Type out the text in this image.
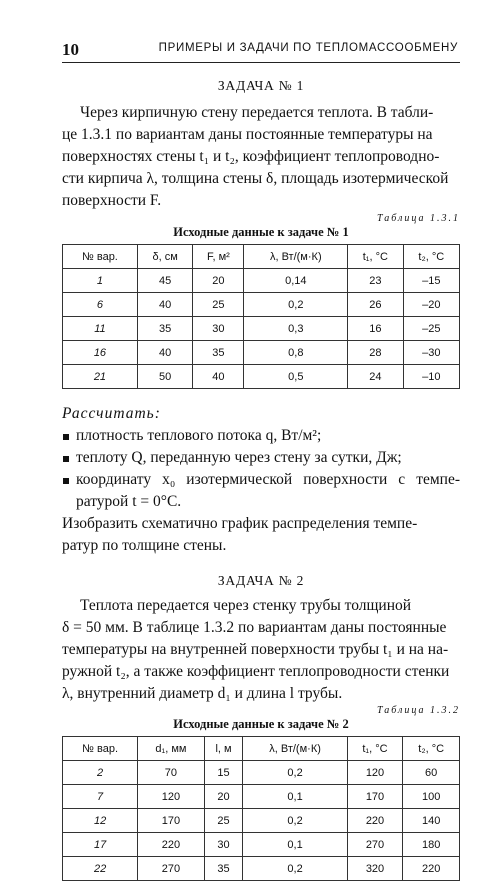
10	ПРИМЕРЫ И ЗАДАЧИ ПО ТЕПЛОМАССООБМЕНУ
ЗАДАЧА № 1

Через кирпичную стену передается теплота. В табли-

це 1.3.1 по вариантам даны постоянные температуры на

поверхностях стены t₁ и t₂, коэффициент теплопроводно-

сти кирпича λ, толщина стены δ, площадь изотермической

поверхности F.

Таблица 1.3.1
Исходные данные к задаче № 1
№ вар.	δ, см	F, м²	λ, Вт/(м·К)	t₁, °C	t₂, °C
1	45	20	0,14	23	–15
6	40	25	0,2	26	–20
11	35	30	0,3	16	–25
16	40	35	0,8	28	–30
21	50	40	0,5	24	–10
Рассчитать:
плотность теплового потока q, Вт/м²;
теплоту Q, переданную через стену за сутки, Дж;
координату x₀ изотермической поверхности с темпе-ратурой t = 0°C.

Изобразить схематично график распределения темпе-

ратур по толщине стены.

ЗАДАЧА № 2

Теплота передается через стенку трубы толщиной

δ = 50 мм. В таблице 1.3.2 по вариантам даны постоянные

температуры на внутренней поверхности трубы t₁ и на на-

ружной t₂, а также коэффициент теплопроводности стенки

λ, внутренний диаметр d₁ и длина l трубы.

Таблица 1.3.2
Исходные данные к задаче № 2
№ вар.	d₁, мм	l, м	λ, Вт/(м·К)	t₁, °C	t₂, °C
2	70	15	0,2	120	60
7	120	20	0,1	170	100
12	170	25	0,2	220	140
17	220	30	0,1	270	180
22	270	35	0,2	320	220
